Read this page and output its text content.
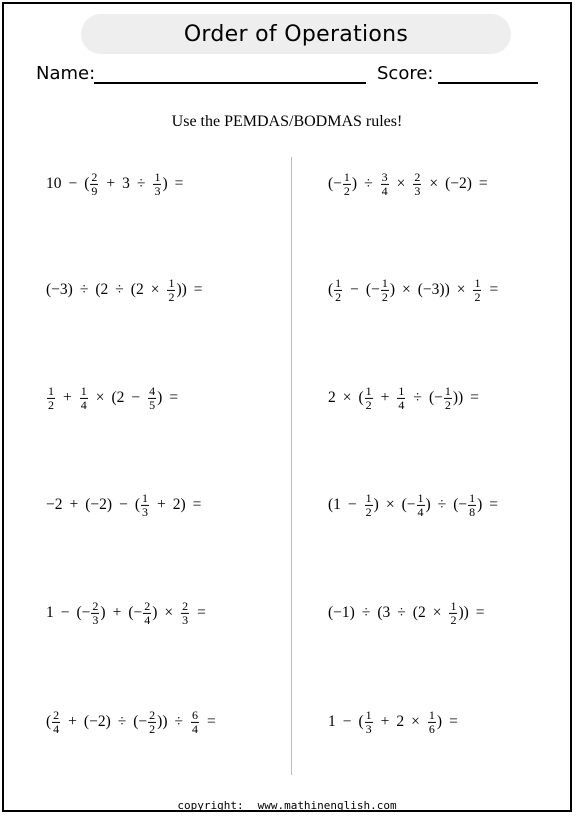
Order of Operations
Name:	Score:
Use the PEMDAS/BODMAS rules!
10 − ( $\frac{2}{9} + 3 \div \frac{1}{3}$ ) =	(− $\frac{1}{2}$ ) ÷ $\frac{3}{4} \times \frac{2}{3} \times (-2)$ =
$(-3) \div (2 \div (2 \times \frac{1}{2}$ )) =	( $\frac{1}{2}$ − (− $\frac{1}{2}$ ) × $(-3)) \times \frac{1}{2}$ =
$\frac{1}{2} + \frac{1}{4} \times (2 - \frac{4}{5}$ ) =	2 × ( $\frac{1}{2} + \frac{1}{4}$ ÷ (− $\frac{1}{2}$ )) =
−2 + (−2) − ( $\frac{1}{3} + 2$) =	($1 - \frac{1}{2}$ ) × (− $\frac{1}{4}$ ) ÷ (− $\frac{1}{8}$ ) =
1 − (− $\frac{2}{3}$ ) + (− $\frac{2}{4}$ ) × $\frac{2}{3}$ =	$(-1) \div (3 \div (2 \times \frac{1}{2}$ )) =
( $\frac{2}{4} + (-2)$ ÷ (− $\frac{2}{2}$ )) ÷ $\frac{6}{4}$ =	1 − ( $\frac{1}{3} + 2 \times \frac{1}{6}$ ) =
copyright: www.mathinenglish.com
